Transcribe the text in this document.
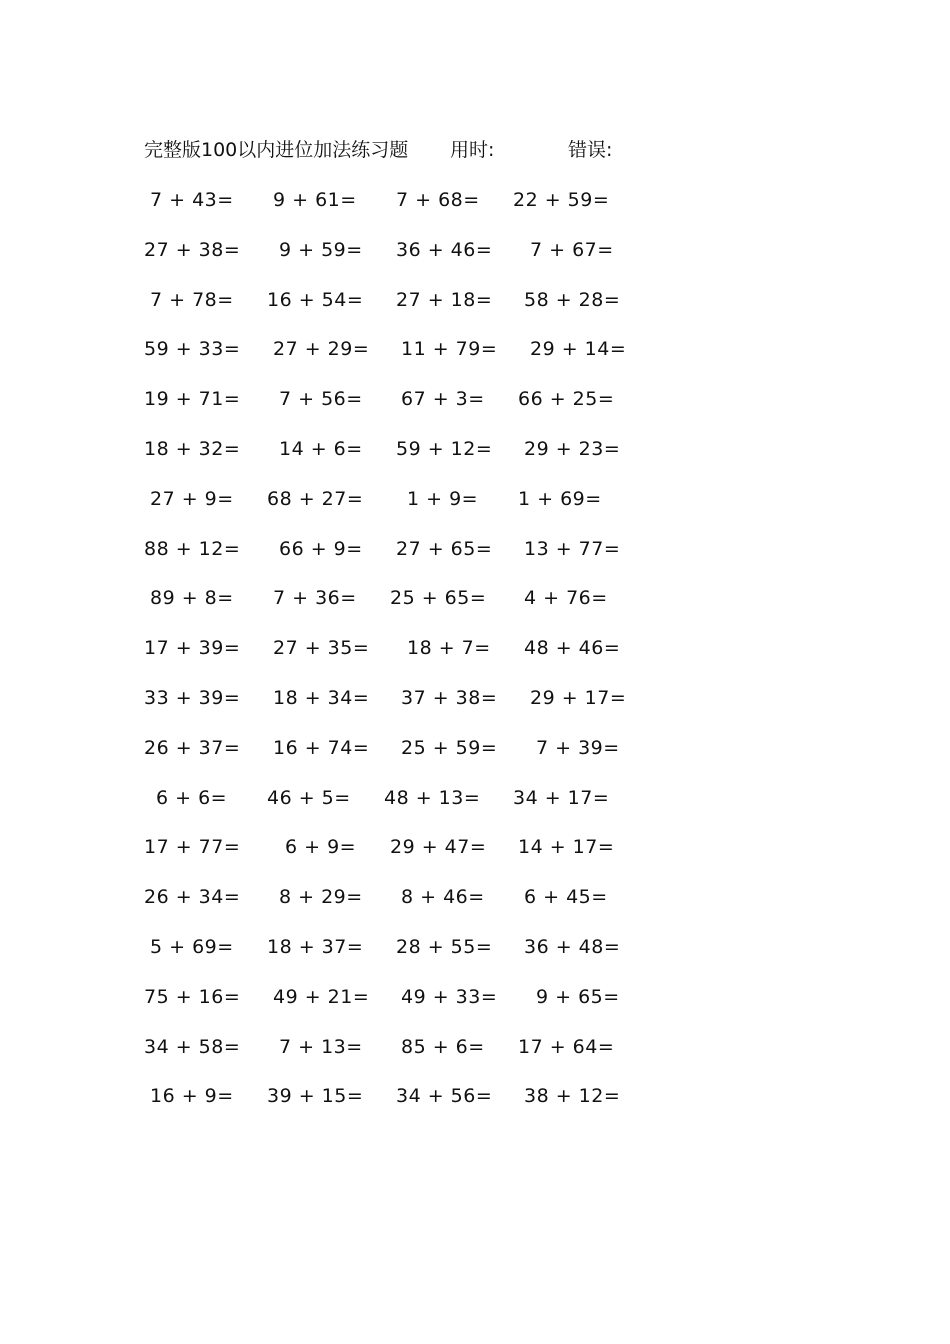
完整版100以内进位加法练习题 用时:	错误:
7 + 43= 9 + 61= 7 + 68= 22 + 59=
27 + 38= 9 + 59= 36 + 46= 7 + 67=
7 + 78= 16 + 54= 27 + 18= 58 + 28=
59 + 33= 27 + 29= 11 + 79= 29 + 14=
19 + 71= 7 + 56= 67 + 3= 66 + 25=
18 + 32= 14 + 6= 59 + 12= 29 + 23=
27 + 9= 68 + 27= 1 + 9= 1 + 69=
88 + 12= 66 + 9= 27 + 65= 13 + 77=
89 + 8= 7 + 36= 25 + 65= 4 + 76=
17 + 39= 27 + 35= 18 + 7= 48 + 46=
33 + 39= 18 + 34= 37 + 38= 29 + 17=
26 + 37= 16 + 74= 25 + 59= 7 + 39=
6 + 6= 46 + 5= 48 + 13= 34 + 17=
17 + 77= 6 + 9= 29 + 47= 14 + 17=
26 + 34= 8 + 29= 8 + 46= 6 + 45=
5 + 69= 18 + 37= 28 + 55= 36 + 48=
75 + 16= 49 + 21= 49 + 33= 9 + 65=
34 + 58= 7 + 13= 85 + 6= 17 + 64=
16 + 9= 39 + 15= 34 + 56= 38 + 12=
